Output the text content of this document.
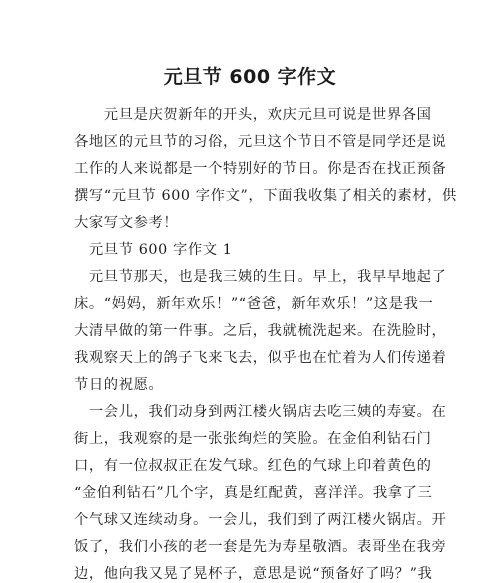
元旦节 600 字作文
　　元旦是庆贺新年的开头，欢庆元旦可说是世界各国
各地区的元旦节的习俗，元旦这个节日不管是同学还是说
工作的人来说都是一个特别好的节日。你是否在找正预备
撰写“元旦节 600 字作文”，下面我收集了相关的素材，供
大家写文参考！
　元旦节 600 字作文 1
　元旦节那天，也是我三姨的生日。早上，我早早地起了
床。“妈妈，新年欢乐！”“爸爸，新年欢乐！”这是我一
大清早做的第一件事。之后，我就梳洗起来。在洗脸时，
我观察天上的鸽子飞来飞去，似乎也在忙着为人们传递着
节日的祝愿。
　一会儿，我们动身到两江楼火锅店去吃三姨的寿宴。在
街上，我观察的是一张张绚烂的笑脸。在金伯利钻石门
口，有一位叔叔正在发气球。红色的气球上印着黄色的
“金伯利钻石”几个字，真是红配黄，喜洋洋。我拿了三
个气球又连续动身。一会儿，我们到了两江楼火锅店。开
饭了，我们小孩的老一套是先为寿星敬酒。表哥坐在我旁
边，他向我又晃了晃杯子，意思是说“预备好了吗？”我
